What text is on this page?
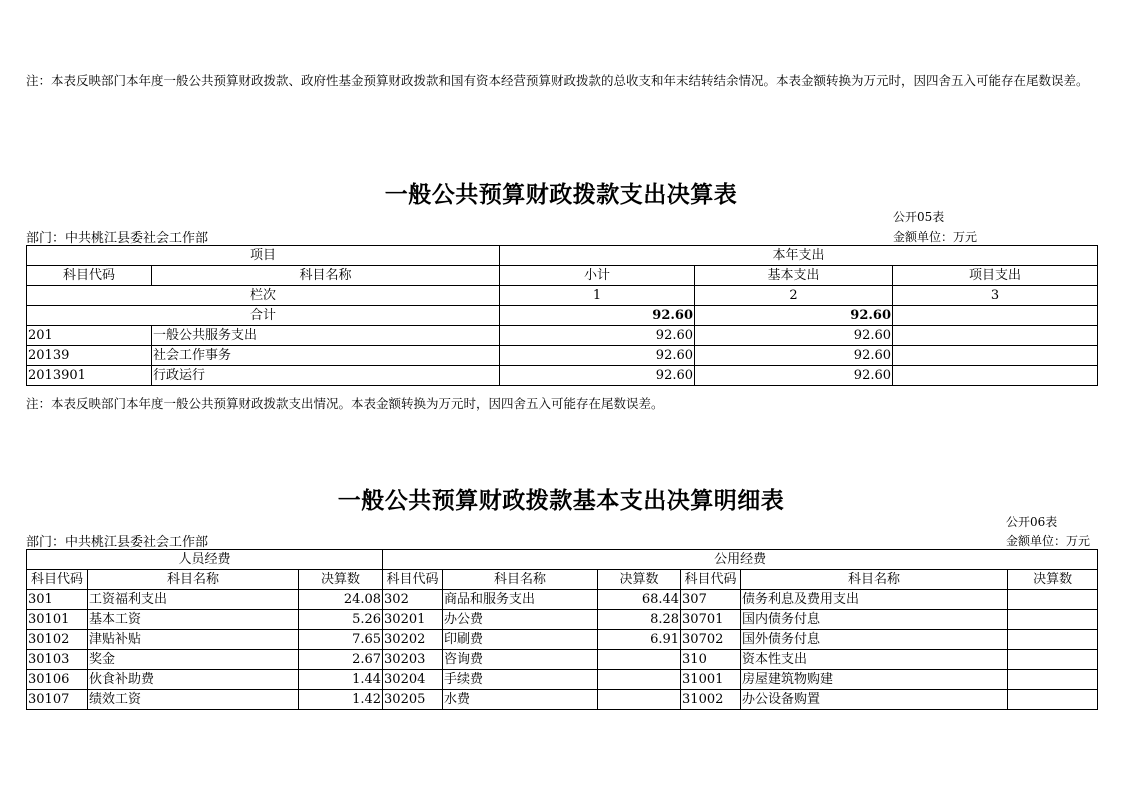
注：本表反映部门本年度一般公共预算财政拨款、政府性基金预算财政拨款和国有资本经营预算财政拨款的总收支和年末结转结余情况。本表金额转换为万元时，因四舍五入可能存在尾数误差。
一般公共预算财政拨款支出决算表
公开05表
部门：中共桃江县委社会工作部	金额单位：万元
项目		本年支出		
科目代码	科目名称	小计	基本支出	项目支出
栏次		1	2	3
合计		92.60	92.60	
201	一般公共服务支出	92.60	92.60	
20139	社会工作事务	92.60	92.60	
2013901	行政运行	92.60	92.60	
注：本表反映部门本年度一般公共预算财政拨款支出情况。本表金额转换为万元时，因四舍五入可能存在尾数误差。
一般公共预算财政拨款基本支出决算明细表
公开06表
部门：中共桃江县委社会工作部	金额单位：万元
人员经费			公用经费					
科目代码	科目名称	决算数	科目代码	科目名称	决算数	科目代码	科目名称	决算数
301	工资福利支出	24.08	302	商品和服务支出	68.44	307	债务利息及费用支出	
30101	基本工资	5.26	30201	办公费	8.28	30701	国内债务付息	
30102	津贴补贴	7.65	30202	印刷费	6.91	30702	国外债务付息	
30103	奖金	2.67	30203	咨询费		310	资本性支出	
30106	伙食补助费	1.44	30204	手续费		31001	房屋建筑物购建	
30107	绩效工资	1.42	30205	水费		31002	办公设备购置	
